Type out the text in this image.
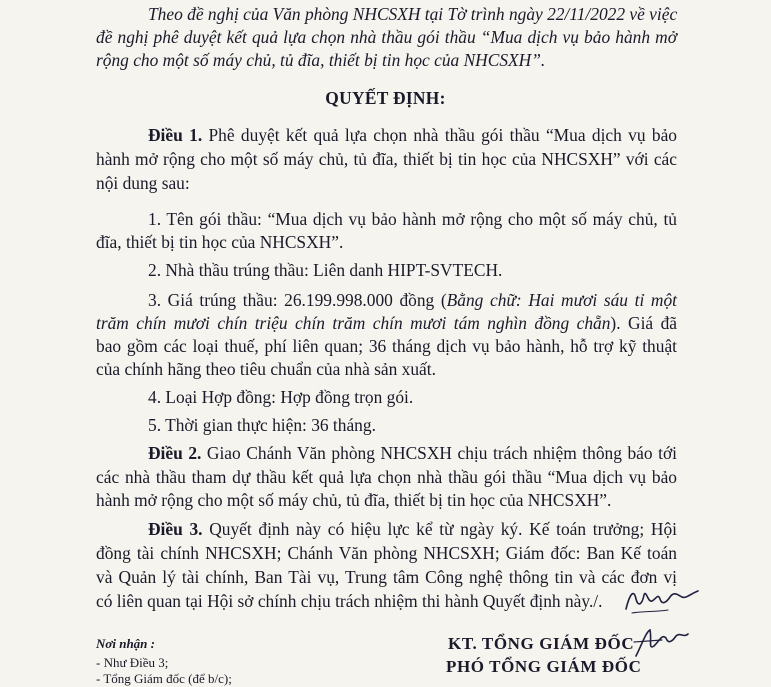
Theo đề nghị của Văn phòng NHCSXH tại Tờ trình ngày 22/11/2022 về việc
đề nghị phê duyệt kết quả lựa chọn nhà thầu gói thầu “Mua dịch vụ bảo hành mở
rộng cho một số máy chủ, tủ đĩa, thiết bị tin học của NHCSXH”.
QUYẾT ĐỊNH:
Điều 1. Phê duyệt kết quả lựa chọn nhà thầu gói thầu “Mua dịch vụ bảo
hành mở rộng cho một số máy chủ, tủ đĩa, thiết bị tin học của NHCSXH” với các
nội dung sau:
1. Tên gói thầu: “Mua dịch vụ bảo hành mở rộng cho một số máy chủ, tủ
đĩa, thiết bị tin học của NHCSXH”.
2. Nhà thầu trúng thầu: Liên danh HIPT-SVTECH.
3. Giá trúng thầu: 26.199.998.000 đồng (Bằng chữ: Hai mươi sáu tỉ một
trăm chín mươi chín triệu chín trăm chín mươi tám nghìn đồng chẵn). Giá đã
bao gồm các loại thuế, phí liên quan; 36 tháng dịch vụ bảo hành, hỗ trợ kỹ thuật
của chính hãng theo tiêu chuẩn của nhà sản xuất.
4. Loại Hợp đồng: Hợp đồng trọn gói.
5. Thời gian thực hiện: 36 tháng.
Điều 2. Giao Chánh Văn phòng NHCSXH chịu trách nhiệm thông báo tới
các nhà thầu tham dự thầu kết quả lựa chọn nhà thầu gói thầu “Mua dịch vụ bảo
hành mở rộng cho một số máy chủ, tủ đĩa, thiết bị tin học của NHCSXH”.
Điều 3. Quyết định này có hiệu lực kể từ ngày ký. Kế toán trưởng; Hội
đồng tài chính NHCSXH; Chánh Văn phòng NHCSXH; Giám đốc: Ban Kế toán
và Quản lý tài chính, Ban Tài vụ, Trung tâm Công nghệ thông tin và các đơn vị
có liên quan tại Hội sở chính chịu trách nhiệm thi hành Quyết định này./.
Nơi nhận :
- Như Điều 3;
- Tổng Giám đốc (để b/c);
KT. TỔNG GIÁM ĐỐC
PHÓ TỔNG GIÁM ĐỐC
